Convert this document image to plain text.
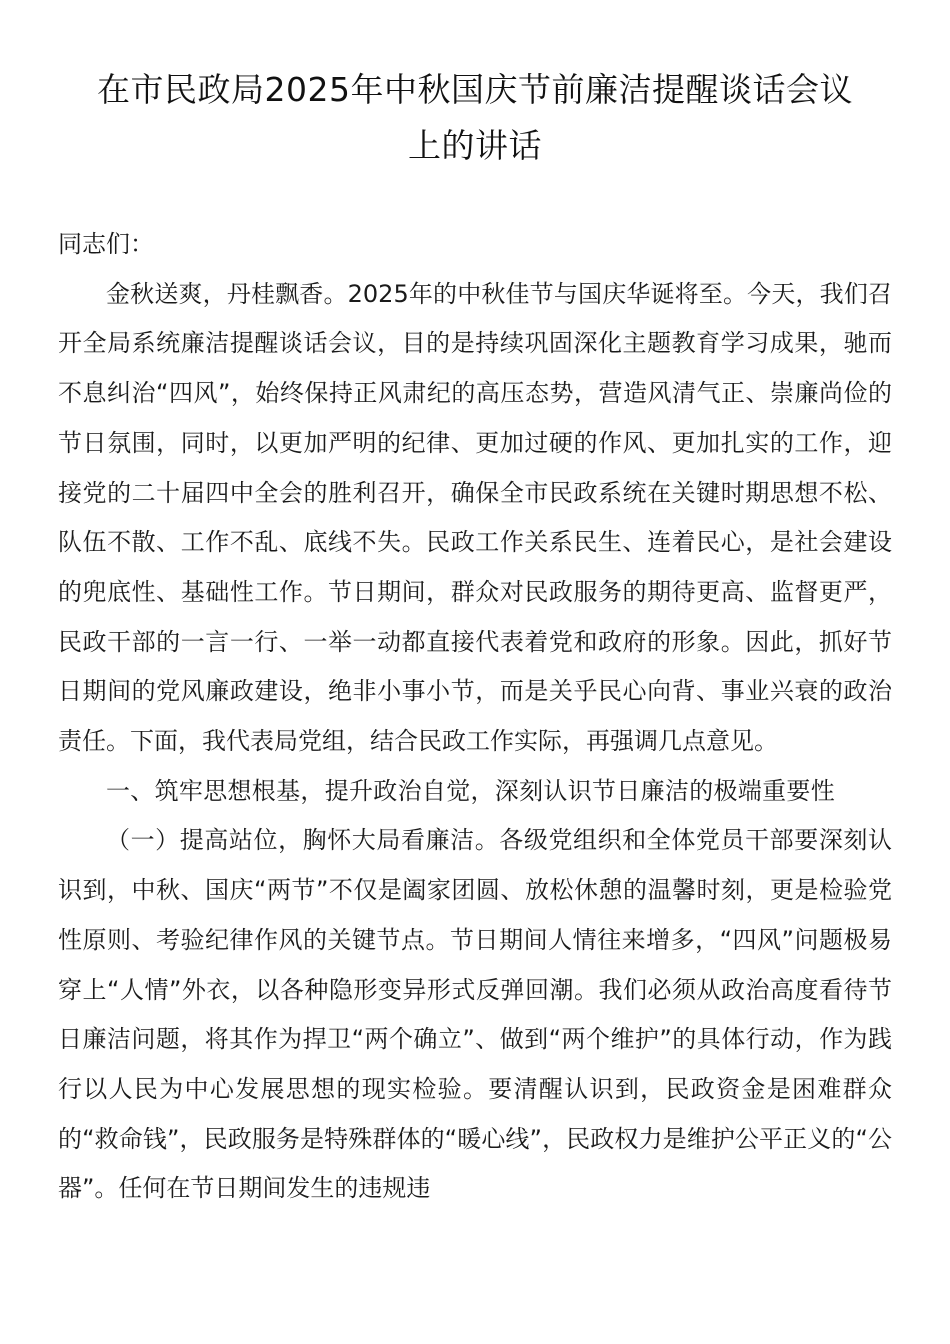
在市民政局2025年中秋国庆节前廉洁提醒谈话会议
上的讲话

同志们：

金秋送爽，丹桂飘香。2025年的中秋佳节与国庆华诞将至。今天，我们召开全局系统廉洁提醒谈话会议，目的是持续巩固深化主题教育学习成果，驰而不息纠治“四风”，始终保持正风肃纪的高压态势，营造风清气正、崇廉尚俭的节日氛围，同时，以更加严明的纪律、更加过硬的作风、更加扎实的工作，迎接党的二十届四中全会的胜利召开，确保全市民政系统在关键时期思想不松、队伍不散、工作不乱、底线不失。民政工作关系民生、连着民心，是社会建设的兜底性、基础性工作。节日期间，群众对民政服务的期待更高、监督更严，民政干部的一言一行、一举一动都直接代表着党和政府的形象。因此，抓好节日期间的党风廉政建设，绝非小事小节，而是关乎民心向背、事业兴衰的政治责任。下面，我代表局党组，结合民政工作实际，再强调几点意见。

一、筑牢思想根基，提升政治自觉，深刻认识节日廉洁的极端重要性

（一）提高站位，胸怀大局看廉洁。各级党组织和全体党员干部要深刻认识到，中秋、国庆“两节”不仅是阖家团圆、放松休憩的温馨时刻，更是检验党性原则、考验纪律作风的关键节点。节日期间人情往来增多，“四风”问题极易穿上“人情”外衣，以各种隐形变异形式反弹回潮。我们必须从政治高度看待节日廉洁问题，将其作为捍卫“两个确立”、做到“两个维护”的具体行动，作为践行以人民为中心发展思想的现实检验。要清醒认识到，民政资金是困难群众的“救命钱”，民政服务是特殊群体的“暖心线”，民政权力是维护公平正义的“公器”。任何在节日期间发生的违规违
